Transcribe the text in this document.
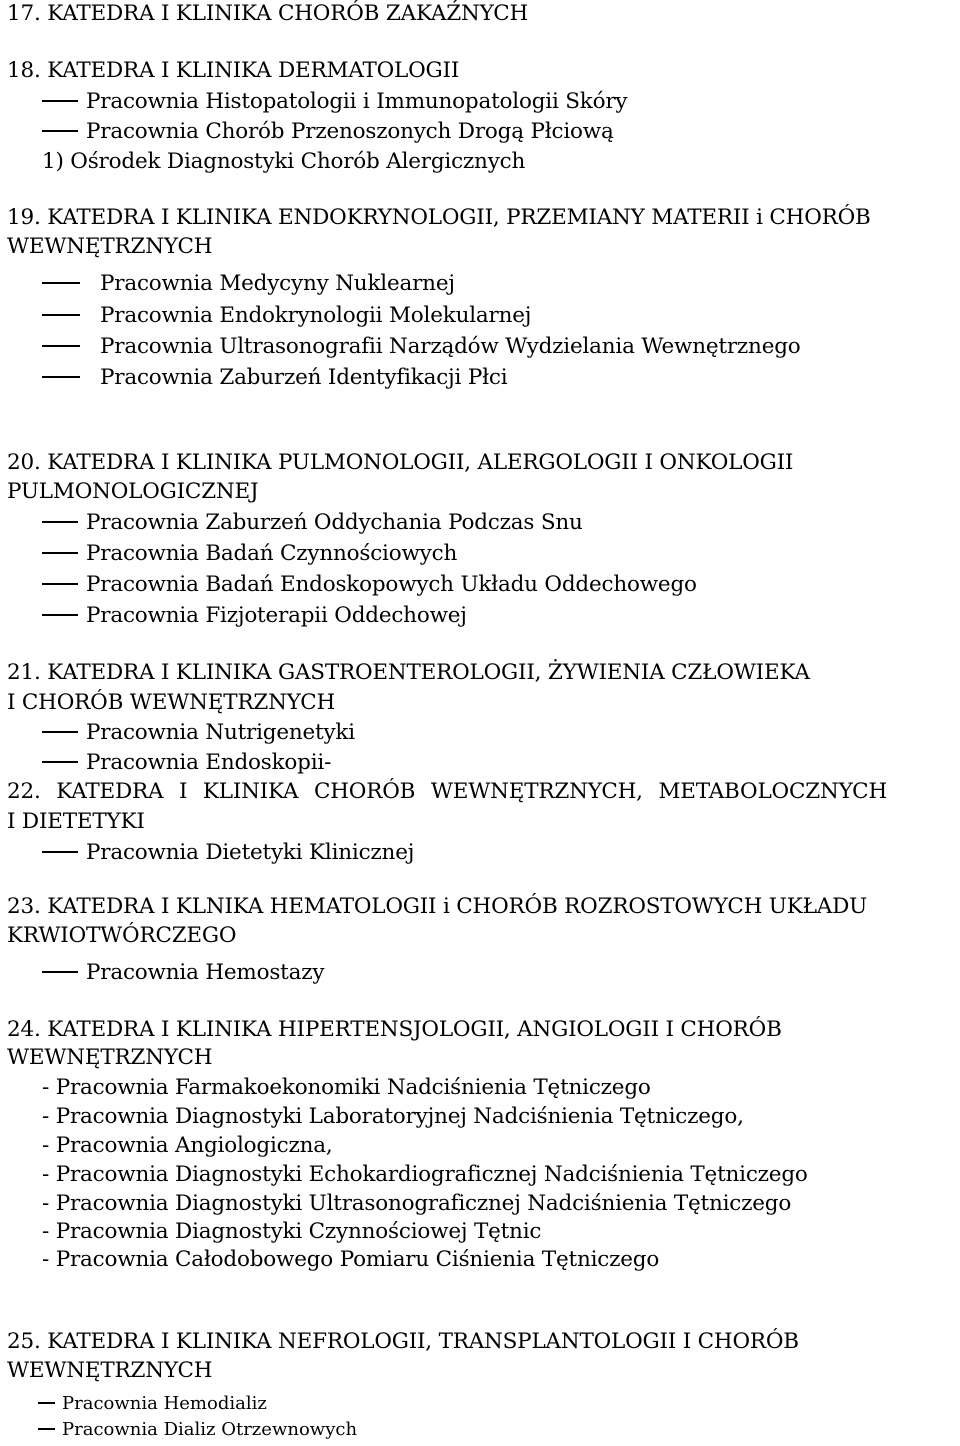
17. KATEDRA I KLINIKA CHORÓB ZAKAŹNYCH

18. KATEDRA I KLINIKA DERMATOLOGII

Pracownia Histopatologii i Immunopatologii Skóry

Pracownia Chorób Przenoszonych Drogą Płciową

1) Ośrodek Diagnostyki Chorób Alergicznych

19. KATEDRA I KLINIKA ENDOKRYNOLOGII, PRZEMIANY MATERII i CHORÓB

WEWNĘTRZNYCH

Pracownia Medycyny Nuklearnej

Pracownia Endokrynologii Molekularnej

Pracownia Ultrasonografii Narządów Wydzielania Wewnętrznego

Pracownia Zaburzeń Identyfikacji Płci

20. KATEDRA I KLINIKA PULMONOLOGII, ALERGOLOGII I ONKOLOGII

PULMONOLOGICZNEJ

Pracownia Zaburzeń Oddychania Podczas Snu

Pracownia Badań Czynnościowych

Pracownia Badań Endoskopowych Układu Oddechowego

Pracownia Fizjoterapii Oddechowej

21. KATEDRA I KLINIKA GASTROENTEROLOGII, ŻYWIENIA CZŁOWIEKA

I CHORÓB WEWNĘTRZNYCH

Pracownia Nutrigenetyki

Pracownia Endoskopii-

22. KATEDRA I KLINIKA CHORÓB WEWNĘTRZNYCH, METABOLOCZNYCH

I DIETETYKI

Pracownia Dietetyki Klinicznej

23. KATEDRA I KLNIKA HEMATOLOGII i CHORÓB ROZROSTOWYCH UKŁADU

KRWIOTWÓRCZEGO

Pracownia Hemostazy

24. KATEDRA I KLINIKA HIPERTENSJOLOGII, ANGIOLOGII I CHORÓB

WEWNĘTRZNYCH

- Pracownia Farmakoekonomiki Nadciśnienia Tętniczego

- Pracownia Diagnostyki Laboratoryjnej Nadciśnienia Tętniczego,

- Pracownia Angiologiczna,

- Pracownia Diagnostyki Echokardiograficznej Nadciśnienia Tętniczego

- Pracownia Diagnostyki Ultrasonograficznej Nadciśnienia Tętniczego

- Pracownia Diagnostyki Czynnościowej Tętnic

- Pracownia Całodobowego Pomiaru Ciśnienia Tętniczego

25. KATEDRA I KLINIKA NEFROLOGII, TRANSPLANTOLOGII I CHORÓB

WEWNĘTRZNYCH

Pracownia Hemodializ

Pracownia Dializ Otrzewnowych
